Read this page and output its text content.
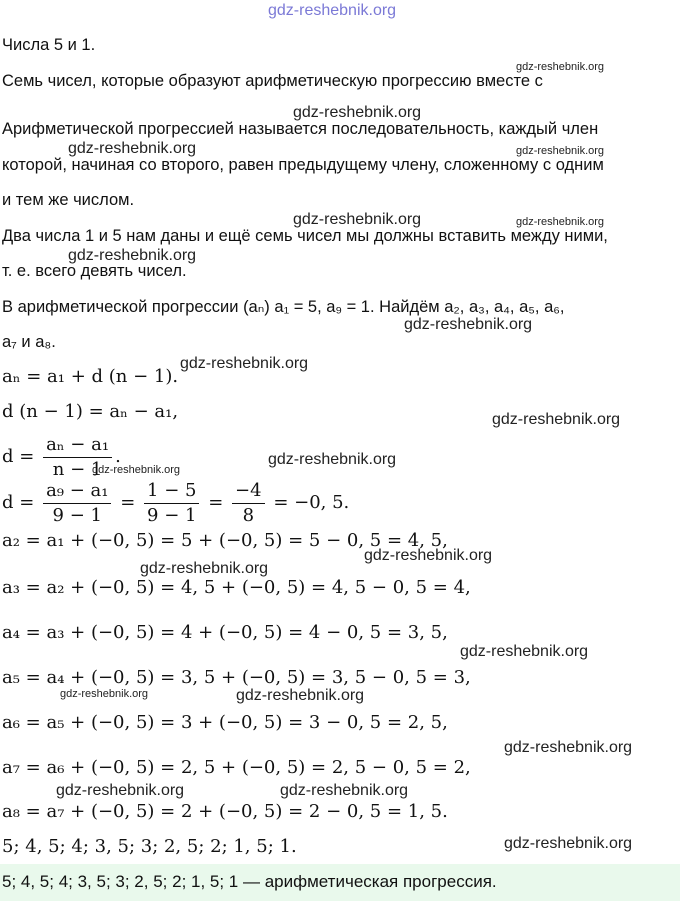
gdz-reshebnik.org
gdz-reshebnik.org
gdz-reshebnik.org
gdz-reshebnik.org	gdz-reshebnik.org
gdz-reshebnik.org	gdz-reshebnik.org
gdz-reshebnik.org
gdz-reshebnik.org
gdz-reshebnik.org
gdz-reshebnik.org
gdz-reshebnik.org
gdz-reshebnik.org
gdz-reshebnik.org
gdz-reshebnik.org
gdz-reshebnik.org
gdz-reshebnik.org	gdz-reshebnik.org
gdz-reshebnik.org
gdz-reshebnik.org	gdz-reshebnik.org
gdz-reshebnik.org
Числа 5 и 1.
Семь чисел, которые образуют арифметическую прогрессию вместе с
Арифметической прогрессией называется последовательность, каждый член
которой, начиная со второго, равен предыдущему члену, сложенному с одним
и тем же числом.
Два числа 1 и 5 нам даны и ещё семь чисел мы должны вставить между ними,
т. е. всего девять чисел.
В арифметической прогрессии (aₙ) a₁ = 5, a₉ = 1. Найдём a₂, a₃, a₄, a₅, a₆,
a₇ и a₈.
aₙ = a₁ + d (n − 1).
d (n − 1) = aₙ − a₁,
$d = \frac{\text{aₙ − a₁}}{n - 1}$ .
$d = \frac{\text{a₉ − a₁}}{9 - 1} = \frac{1 - 5}{9 - 1} = \frac{-4}{8} = -0$, 5.
a₂ = a₁ + (−0, 5) = 5 + (−0, 5) = 5 − 0, 5 = 4, 5,
a₃ = a₂ + (−0, 5) = 4, 5 + (−0, 5) = 4, 5 − 0, 5 = 4,
a₄ = a₃ + (−0, 5) = 4 + (−0, 5) = 4 − 0, 5 = 3, 5,
a₅ = a₄ + (−0, 5) = 3, 5 + (−0, 5) = 3, 5 − 0, 5 = 3,
a₆ = a₅ + (−0, 5) = 3 + (−0, 5) = 3 − 0, 5 = 2, 5,
a₇ = a₆ + (−0, 5) = 2, 5 + (−0, 5) = 2, 5 − 0, 5 = 2,
a₈ = a₇ + (−0, 5) = 2 + (−0, 5) = 2 − 0, 5 = 1, 5.
5; 4, 5; 4; 3, 5; 3; 2, 5; 2; 1, 5; 1.
5; 4, 5; 4; 3, 5; 3; 2, 5; 2; 1, 5; 1 — арифметическая прогрессия.
